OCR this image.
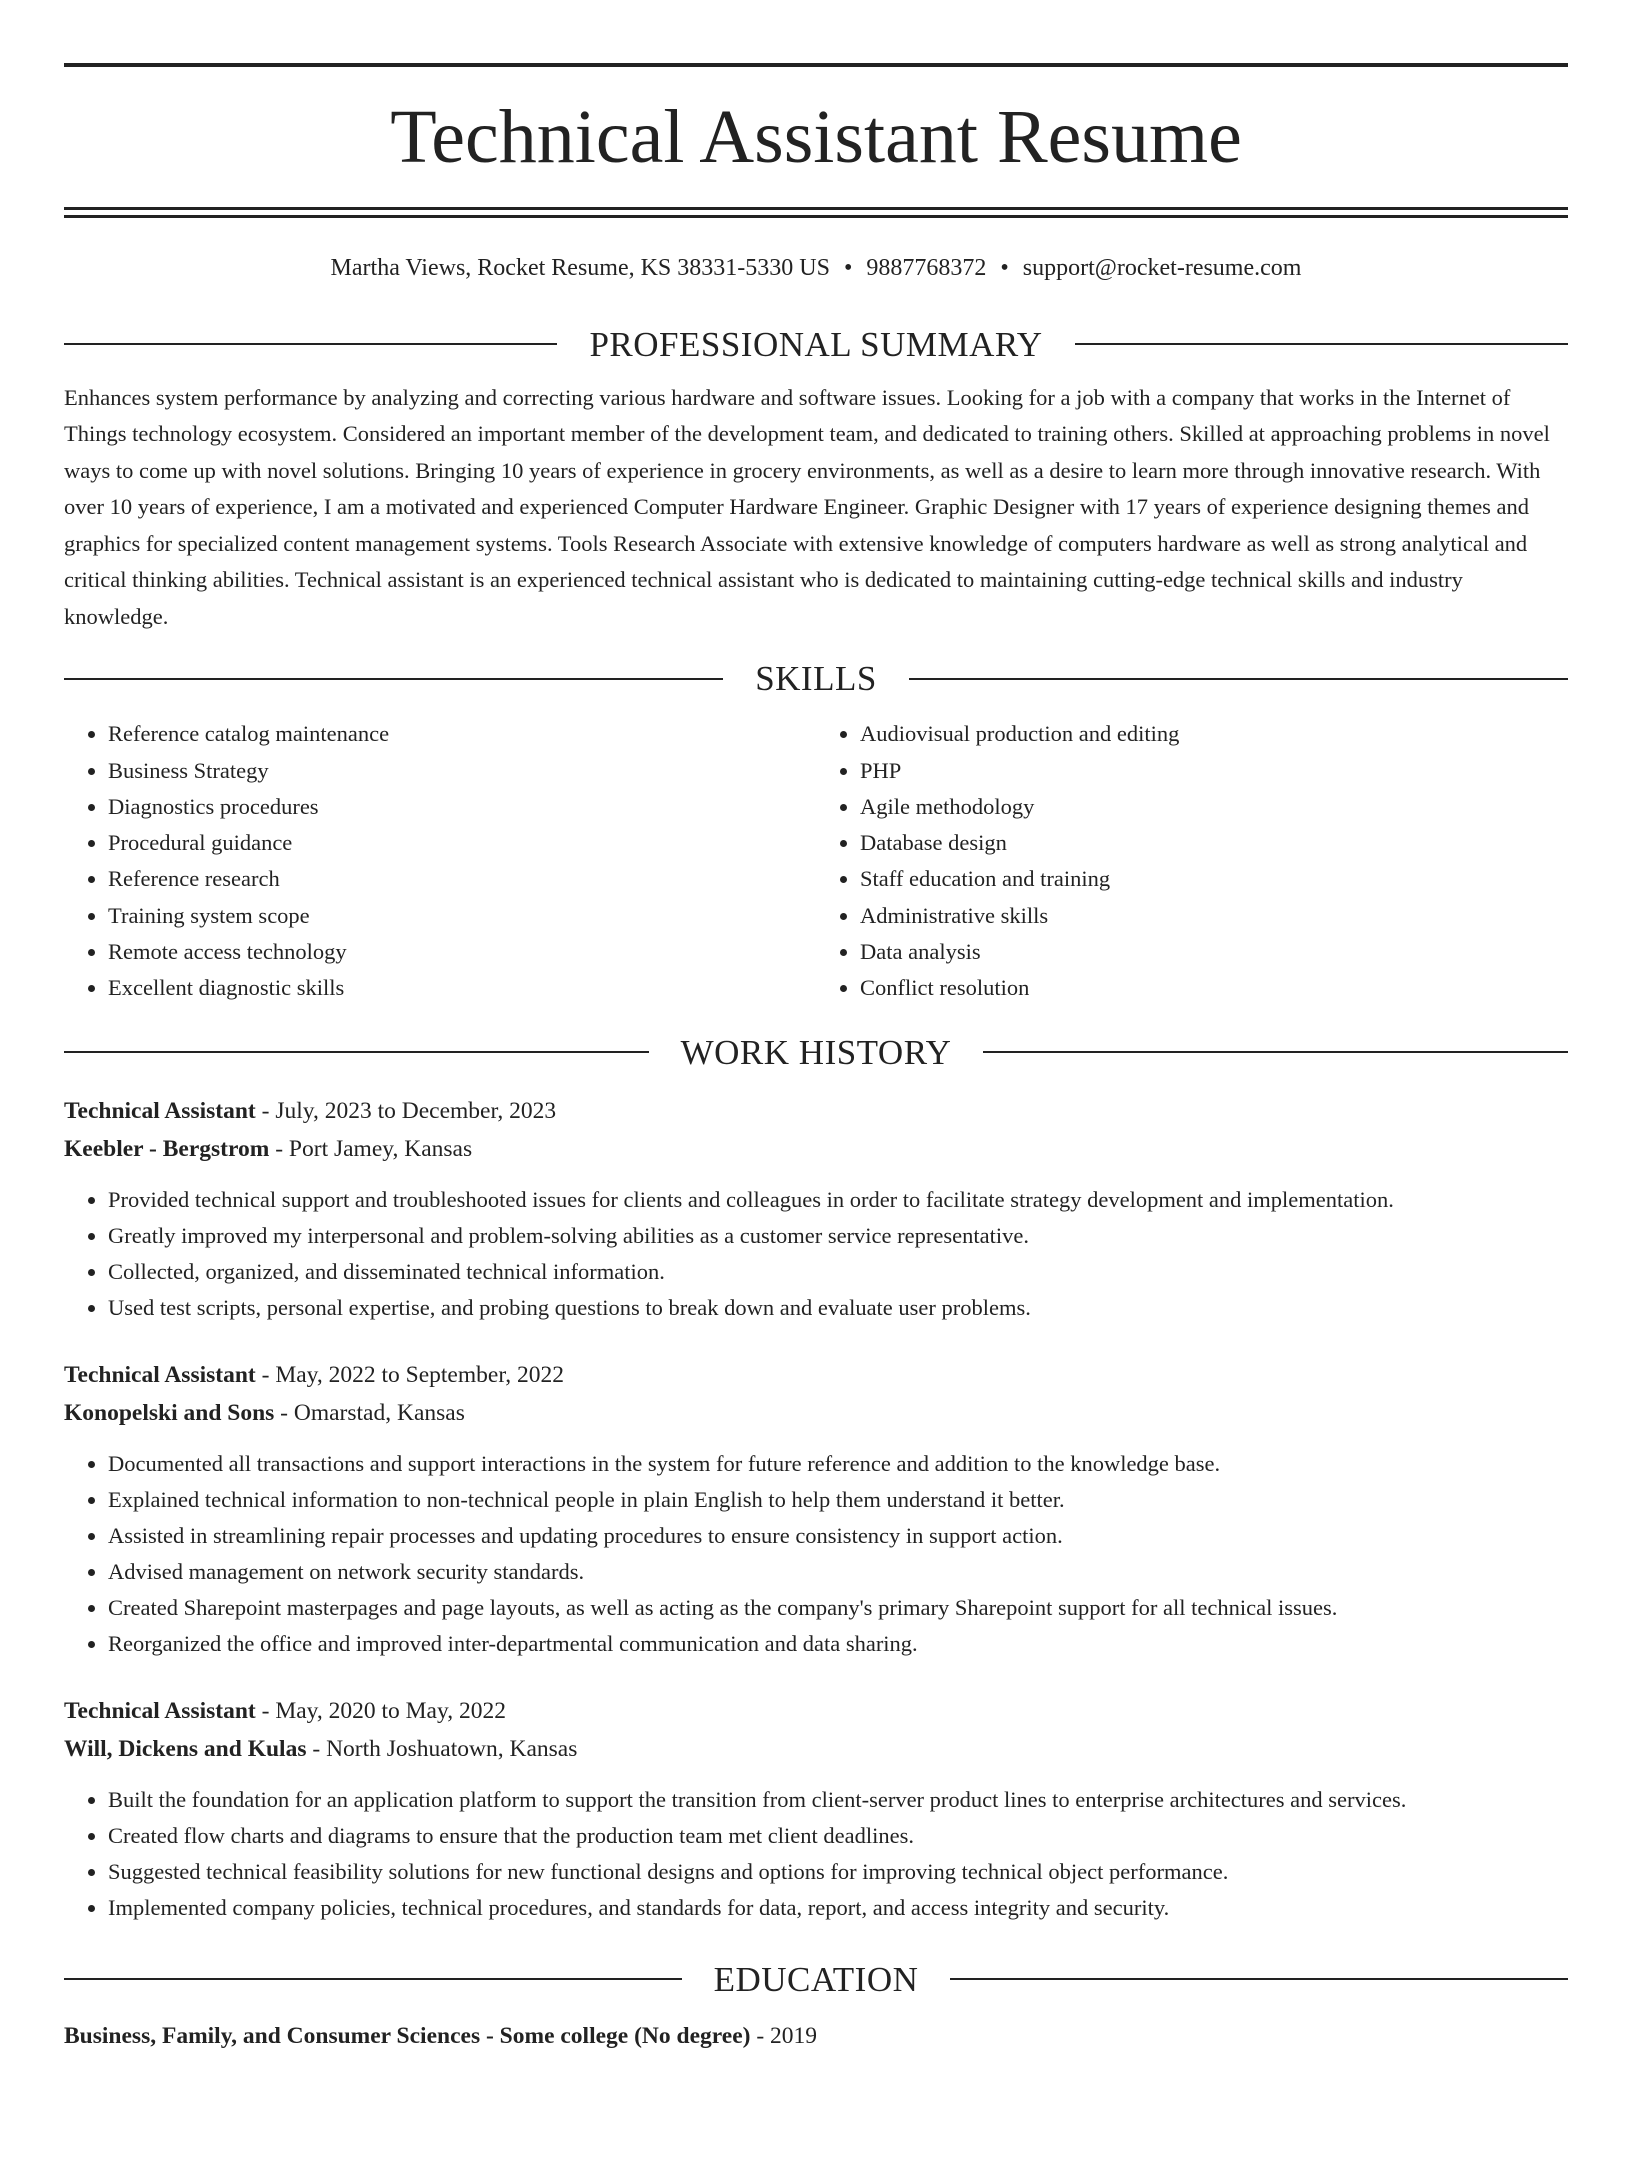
Technical Assistant Resume
Martha Views, Rocket Resume, KS 38331-5330 US • 9887768372 • support@rocket-resume.com
PROFESSIONAL SUMMARY
Enhances system performance by analyzing and correcting various hardware and software issues. Looking for a job with a company that works in the Internet of Things technology ecosystem. Considered an important member of the development team, and dedicated to training others. Skilled at approaching problems in novel ways to come up with novel solutions. Bringing 10 years of experience in grocery environments, as well as a desire to learn more through innovative research. With over 10 years of experience, I am a motivated and experienced Computer Hardware Engineer. Graphic Designer with 17 years of experience designing themes and graphics for specialized content management systems. Tools Research Associate with extensive knowledge of computers hardware as well as strong analytical and critical thinking abilities. Technical assistant is an experienced technical assistant who is dedicated to maintaining cutting-edge technical skills and industry knowledge.
SKILLS
• Reference catalog maintenance
• Business Strategy
• Diagnostics procedures
• Procedural guidance
• Reference research
• Training system scope
• Remote access technology
• Excellent diagnostic skills
• Audiovisual production and editing
• PHP
• Agile methodology
• Database design
• Staff education and training
• Administrative skills
• Data analysis
• Conflict resolution
WORK HISTORY
Technical Assistant - July, 2023 to December, 2023
Keebler - Bergstrom - Port Jamey, Kansas
• Provided technical support and troubleshooted issues for clients and colleagues in order to facilitate strategy development and implementation.
• Greatly improved my interpersonal and problem-solving abilities as a customer service representative.
• Collected, organized, and disseminated technical information.
• Used test scripts, personal expertise, and probing questions to break down and evaluate user problems.
Technical Assistant - May, 2022 to September, 2022
Konopelski and Sons - Omarstad, Kansas
• Documented all transactions and support interactions in the system for future reference and addition to the knowledge base.
• Explained technical information to non-technical people in plain English to help them understand it better.
• Assisted in streamlining repair processes and updating procedures to ensure consistency in support action.
• Advised management on network security standards.
• Created Sharepoint masterpages and page layouts, as well as acting as the company's primary Sharepoint support for all technical issues.
• Reorganized the office and improved inter-departmental communication and data sharing.
Technical Assistant - May, 2020 to May, 2022
Will, Dickens and Kulas - North Joshuatown, Kansas
• Built the foundation for an application platform to support the transition from client-server product lines to enterprise architectures and services.
• Created flow charts and diagrams to ensure that the production team met client deadlines.
• Suggested technical feasibility solutions for new functional designs and options for improving technical object performance.
• Implemented company policies, technical procedures, and standards for data, report, and access integrity and security.
EDUCATION
Business, Family, and Consumer Sciences - Some college (No degree) - 2019
